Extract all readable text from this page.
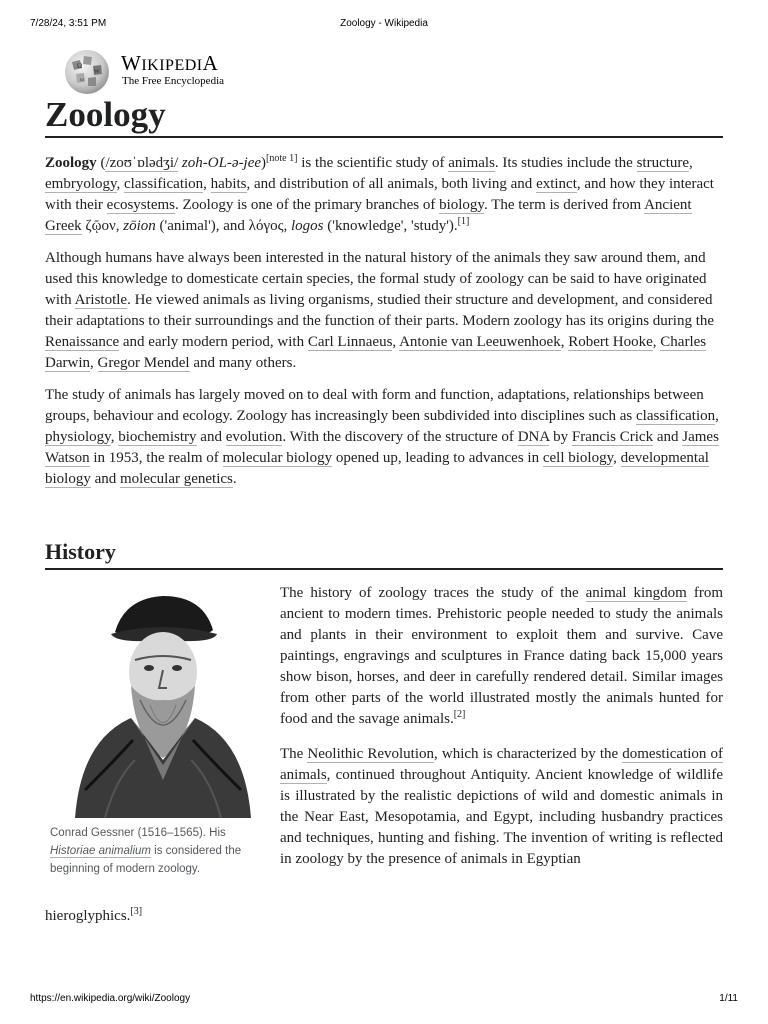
7/28/24, 3:51 PM	Zoology - Wikipedia
Ω
W
ω
WIKIPEDIA
The Free Encyclopedia
Zoology

Zoology (/zoʊˈɒlədʒi/ zoh-OL-ə-jee)[note 1] is the scientific study of animals. Its studies include the structure, embryology, classification, habits, and distribution of all animals, both living and extinct, and how they interact with their ecosystems. Zoology is one of the primary branches of biology. The term is derived from Ancient Greek ζῷον, zōion ('animal'), and λόγος, logos ('knowledge', 'study').[1]

Although humans have always been interested in the natural history of the animals they saw around them, and used this knowledge to domesticate certain species, the formal study of zoology can be said to have originated with Aristotle. He viewed animals as living organisms, studied their structure and development, and considered their adaptations to their surroundings and the function of their parts. Modern zoology has its origins during the Renaissance and early modern period, with Carl Linnaeus, Antonie van Leeuwenhoek, Robert Hooke, Charles Darwin, Gregor Mendel and many others.

The study of animals has largely moved on to deal with form and function, adaptations, relationships between groups, behaviour and ecology. Zoology has increasingly been subdivided into disciplines such as classification, physiology, biochemistry and evolution. With the discovery of the structure of DNA by Francis Crick and James Watson in 1953, the realm of molecular biology opened up, leading to advances in cell biology, developmental biology and molecular genetics.

History
Conrad Gessner (1516–1565). His Historiae animalium is considered the beginning of modern zoology.

The history of zoology traces the study of the animal kingdom from ancient to modern times. Prehistoric people needed to study the animals and plants in their environment to exploit them and survive. Cave paintings, engravings and sculptures in France dating back 15,000 years show bison, horses, and deer in carefully rendered detail. Similar images from other parts of the world illustrated mostly the animals hunted for food and the savage animals.[2]

The Neolithic Revolution, which is characterized by the domestication of animals, continued throughout Antiquity. Ancient knowledge of wildlife is illustrated by the realistic depictions of wild and domestic animals in the Near East, Mesopotamia, and Egypt, including husbandry practices and techniques, hunting and fishing. The invention of writing is reflected in zoology by the presence of animals in Egyptian

hieroglyphics.[3]
https://en.wikipedia.org/wiki/Zoology	1/11
